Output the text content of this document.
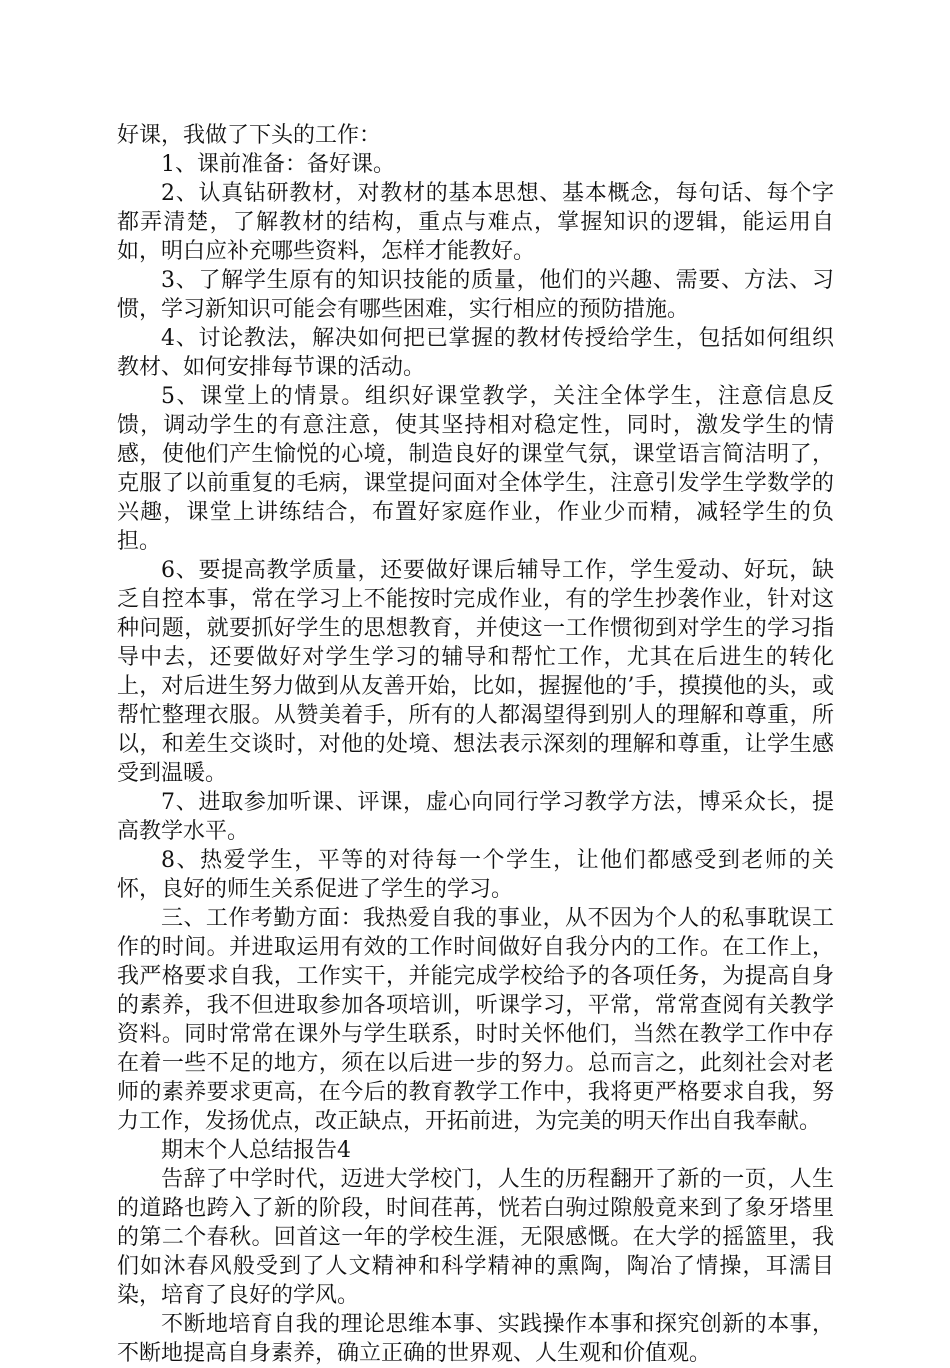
好课，我做了下头的工作：

1、课前准备：备好课。

2、认真钻研教材，对教材的基本思想、基本概念，每句话、每个字都弄清楚，了解教材的结构，重点与难点，掌握知识的逻辑，能运用自如，明白应补充哪些资料，怎样才能教好。

3、了解学生原有的知识技能的质量，他们的兴趣、需要、方法、习惯，学习新知识可能会有哪些困难，实行相应的预防措施。

4、讨论教法，解决如何把已掌握的教材传授给学生，包括如何组织教材、如何安排每节课的活动。

5、课堂上的情景。组织好课堂教学，关注全体学生，注意信息反馈，调动学生的有意注意，使其坚持相对稳定性，同时，激发学生的情感，使他们产生愉悦的心境，制造良好的课堂气氛，课堂语言简洁明了，克服了以前重复的毛病，课堂提问面对全体学生，注意引发学生学数学的兴趣，课堂上讲练结合，布置好家庭作业，作业少而精，减轻学生的负担。

6、要提高教学质量，还要做好课后辅导工作，学生爱动、好玩，缺乏自控本事，常在学习上不能按时完成作业，有的学生抄袭作业，针对这种问题，就要抓好学生的思想教育，并使这一工作惯彻到对学生的学习指导中去，还要做好对学生学习的辅导和帮忙工作，尤其在后进生的转化上，对后进生努力做到从友善开始，比如，握握他的’手，摸摸他的头，或帮忙整理衣服。从赞美着手，所有的人都渴望得到别人的理解和尊重，所以，和差生交谈时，对他的处境、想法表示深刻的理解和尊重，让学生感受到温暖。

7、进取参加听课、评课，虚心向同行学习教学方法，博采众长，提高教学水平。

8、热爱学生，平等的对待每一个学生，让他们都感受到老师的关怀，良好的师生关系促进了学生的学习。

三、工作考勤方面：我热爱自我的事业，从不因为个人的私事耽误工作的时间。并进取运用有效的工作时间做好自我分内的工作。在工作上，我严格要求自我，工作实干，并能完成学校给予的各项任务，为提高自身的素养，我不但进取参加各项培训，听课学习，平常，常常查阅有关教学资料。同时常常在课外与学生联系，时时关怀他们，当然在教学工作中存在着一些不足的地方，须在以后进一步的努力。总而言之，此刻社会对老师的素养要求更高，在今后的教育教学工作中，我将更严格要求自我，努力工作，发扬优点，改正缺点，开拓前进，为完美的明天作出自我奉献。

期末个人总结报告4

告辞了中学时代，迈进大学校门，人生的历程翻开了新的一页，人生的道路也跨入了新的阶段，时间荏苒，恍若白驹过隙般竟来到了象牙塔里的第二个春秋。回首这一年的学校生涯，无限感慨。在大学的摇篮里，我们如沐春风般受到了人文精神和科学精神的熏陶，陶冶了情操，耳濡目染，培育了良好的学风。

不断地培育自我的理论思维本事、实践操作本事和探究创新的本事，不断地提高自身素养，确立正确的世界观、人生观和价值观。
